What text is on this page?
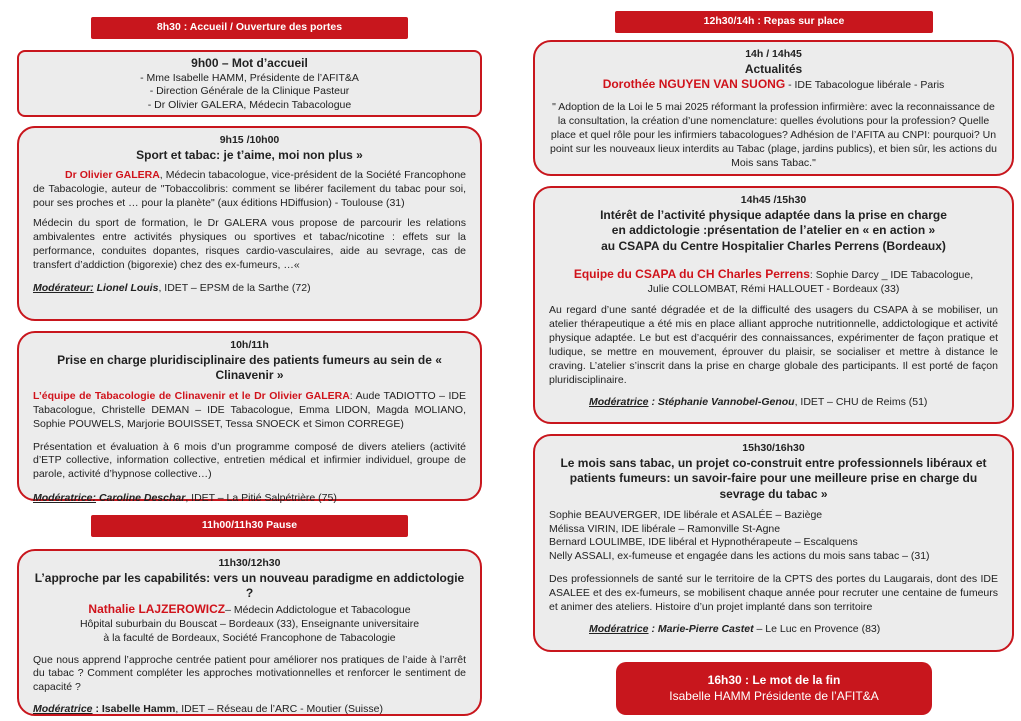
8h30 : Accueil / Ouverture des portes
9h00 – Mot d’accueil
- Mme Isabelle HAMM, Présidente de l’AFIT&A
- Direction Générale de la Clinique Pasteur
- Dr Olivier GALERA, Médecin Tabacologue
9h15 /10h00
Sport et tabac: je t’aime, moi non plus »

Dr Olivier GALERA, Médecin tabacologue, vice-président de la Société Francophone de Tabacologie, auteur de "Tobaccolibris: comment se libérer facilement du tabac pour soi, pour ses proches et … pour la planète" (aux éditions HDiffusion) - Toulouse (31)

Médecin du sport de formation, le Dr GALERA vous propose de parcourir les relations ambivalentes entre activités physiques ou sportives et tabac/nicotine : effets sur la performance, conduites dopantes, risques cardio-vasculaires, aide au sevrage, cas de transfert d’addiction (bigorexie) chez des ex-fumeurs, …«

Modérateur: Lionel Louis, IDET – EPSM de la Sarthe (72)

10h/11h
Prise en charge pluridisciplinaire des patients fumeurs au sein de « Clinavenir »

L’équipe de Tabacologie de Clinavenir et le Dr Olivier GALERA: Aude TADIOTTO – IDE Tabacologue, Christelle DEMAN – IDE Tabacologue, Emma LIDON, Magda MOLIANO, Sophie POUWELS, Marjorie BOUISSET, Tessa SNOECK et Simon CORREGE)

Présentation et évaluation à 6 mois d’un programme composé de divers ateliers (activité d’ETP collective, information collective, entretien médical et infirmier individuel, groupe de parole, activité d’hypnose collective…)

Modératrice: Caroline Deschar, IDET – La Pitié Salpétrière (75)

11h00/11h30 Pause
11h30/12h30
L’approche par les capabilités: vers un nouveau paradigme en addictologie ?
Nathalie LAJZEROWICZ– Médecin Addictologue et Tabacologue
Hôpital suburbain du Bouscat – Bordeaux (33), Enseignante universitaire
à la faculté de Bordeaux, Société Francophone de Tabacologie

Que nous apprend l’approche centrée patient pour améliorer nos pratiques de l’aide à l’arrêt du tabac ? Comment compléter les approches motivationnelles et renforcer le sentiment de capacité ?

Modératrice : Isabelle Hamm, IDET – Réseau de l’ARC - Moutier (Suisse)

12h30/14h : Repas sur place
14h / 14h45
Actualités
Dorothée NGUYEN VAN SUONG - IDE Tabacologue libérale - Paris

" Adoption de la Loi le 5 mai 2025 réformant la profession infirmière: avec la reconnaissance de la consultation, la création d’une nomenclature: quelles évolutions pour la profession? Quelle place et quel rôle pour les infirmiers tabacologues? Adhésion de l’AFITA au CNPI: pourquoi? Un point sur les nouveaux lieux interdits au Tabac (plage, jardins publics), et bien sûr, les actions du Mois sans Tabac."

14h45 /15h30
Intérêt de l’activité physique adaptée dans la prise en charge
en addictologie :présentation de l’atelier en « en action »
au CSAPA du Centre Hospitalier Charles Perrens (Bordeaux)
Equipe du CSAPA du CH Charles Perrens: Sophie Darcy _ IDE Tabacologue,
Julie COLLOMBAT, Rémi HALLOUET - Bordeaux (33)

Au regard d’une santé dégradée et de la difficulté des usagers du CSAPA à se mobiliser, un atelier thérapeutique a été mis en place alliant approche nutritionnelle, addictologique et activité physique adaptée. Le but est d’acquérir des connaissances, expérimenter de façon pratique et ludique, se mettre en mouvement, éprouver du plaisir, se socialiser et mettre à distance le craving. L’atelier s’inscrit dans la prise en charge globale des participants. Il est porté de façon pluridisciplinaire.

Modératrice : Stéphanie Vannobel-Genou, IDET – CHU de Reims (51)

15h30/16h30
Le mois sans tabac, un projet co-construit entre professionnels libéraux et patients fumeurs: un savoir-faire pour une meilleure prise en charge du sevrage du tabac »
Sophie BEAUVERGER, IDE libérale et ASALÉE – Baziège
Mélissa VIRIN, IDE libérale – Ramonville St-Agne
Bernard LOULIMBE, IDE libéral et Hypnothérapeute – Escalquens
Nelly ASSALI, ex-fumeuse et engagée dans les actions du mois sans tabac – (31)

Des professionnels de santé sur le territoire de la CPTS des portes du Laugarais, dont des IDE ASALEE et des ex-fumeurs, se mobilisent chaque année pour recruter une centaine de fumeurs et animer des ateliers. Histoire d’un projet implanté dans son territoire

Modératrice : Marie-Pierre Castet – Le Luc en Provence (83)

16h30 : Le mot de la fin
Isabelle HAMM Présidente de l’AFIT&A
